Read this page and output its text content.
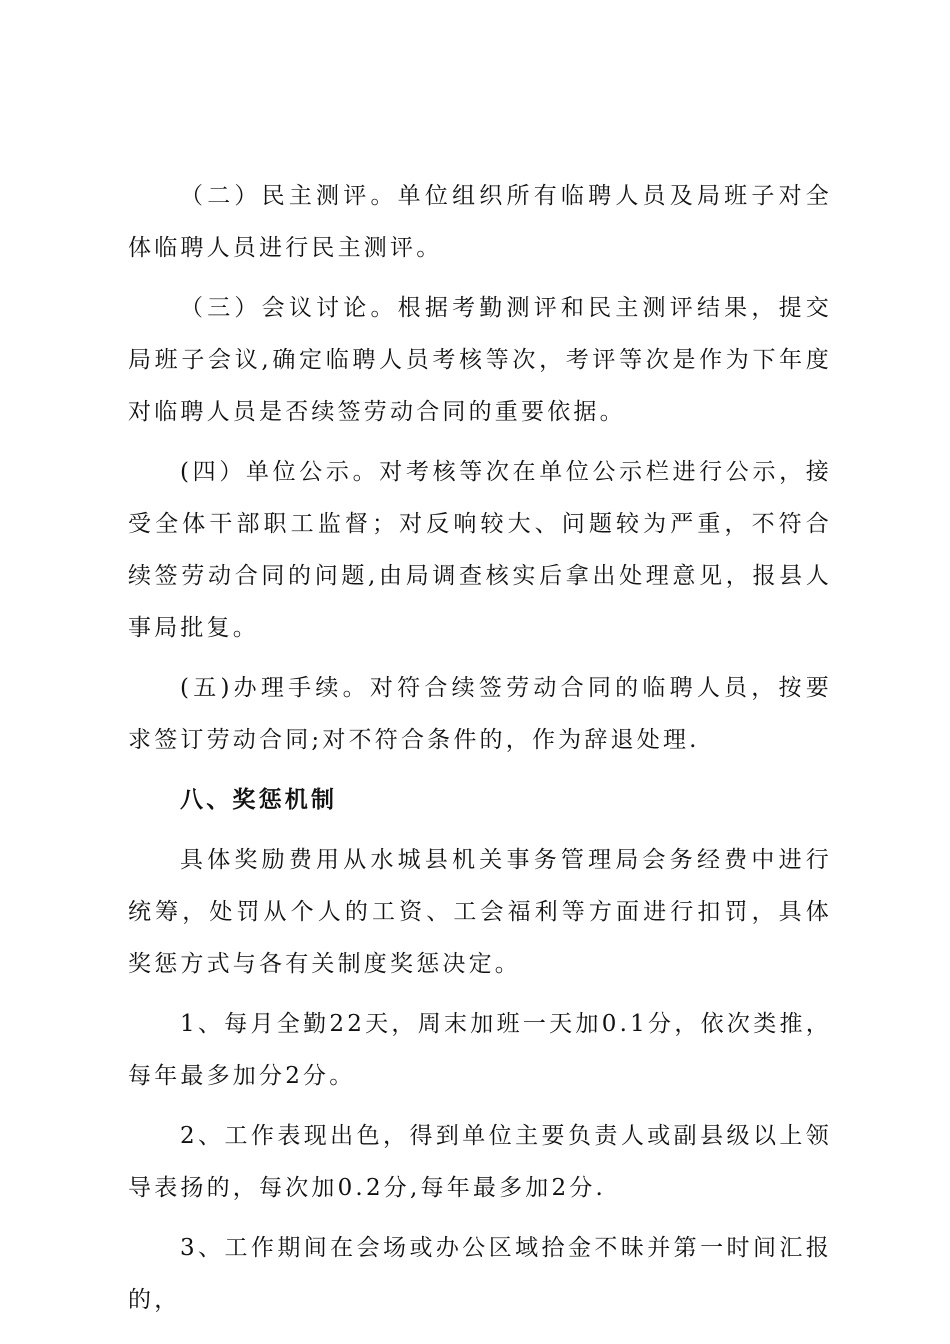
（二）民主测评。单位组织所有临聘人员及局班子对全体临聘人员进行民主测评。

（三）会议讨论。根据考勤测评和民主测评结果，提交局班子会议,确定临聘人员考核等次，考评等次是作为下年度对临聘人员是否续签劳动合同的重要依据。

(四）单位公示。对考核等次在单位公示栏进行公示，接受全体干部职工监督；对反响较大、问题较为严重，不符合续签劳动合同的问题,由局调查核实后拿出处理意见，报县人事局批复。

(五)办理手续。对符合续签劳动合同的临聘人员，按要求签订劳动合同;对不符合条件的，作为辞退处理.

八、奖惩机制

具体奖励费用从水城县机关事务管理局会务经费中进行统筹，处罚从个人的工资、工会福利等方面进行扣罚，具体奖惩方式与各有关制度奖惩决定。

1、每月全勤22天，周末加班一天加0.1分，依次类推，每年最多加分2分。

2、工作表现出色，得到单位主要负责人或副县级以上领导表扬的，每次加0.2分,每年最多加2分.

3、工作期间在会场或办公区域拾金不昧并第一时间汇报的，
